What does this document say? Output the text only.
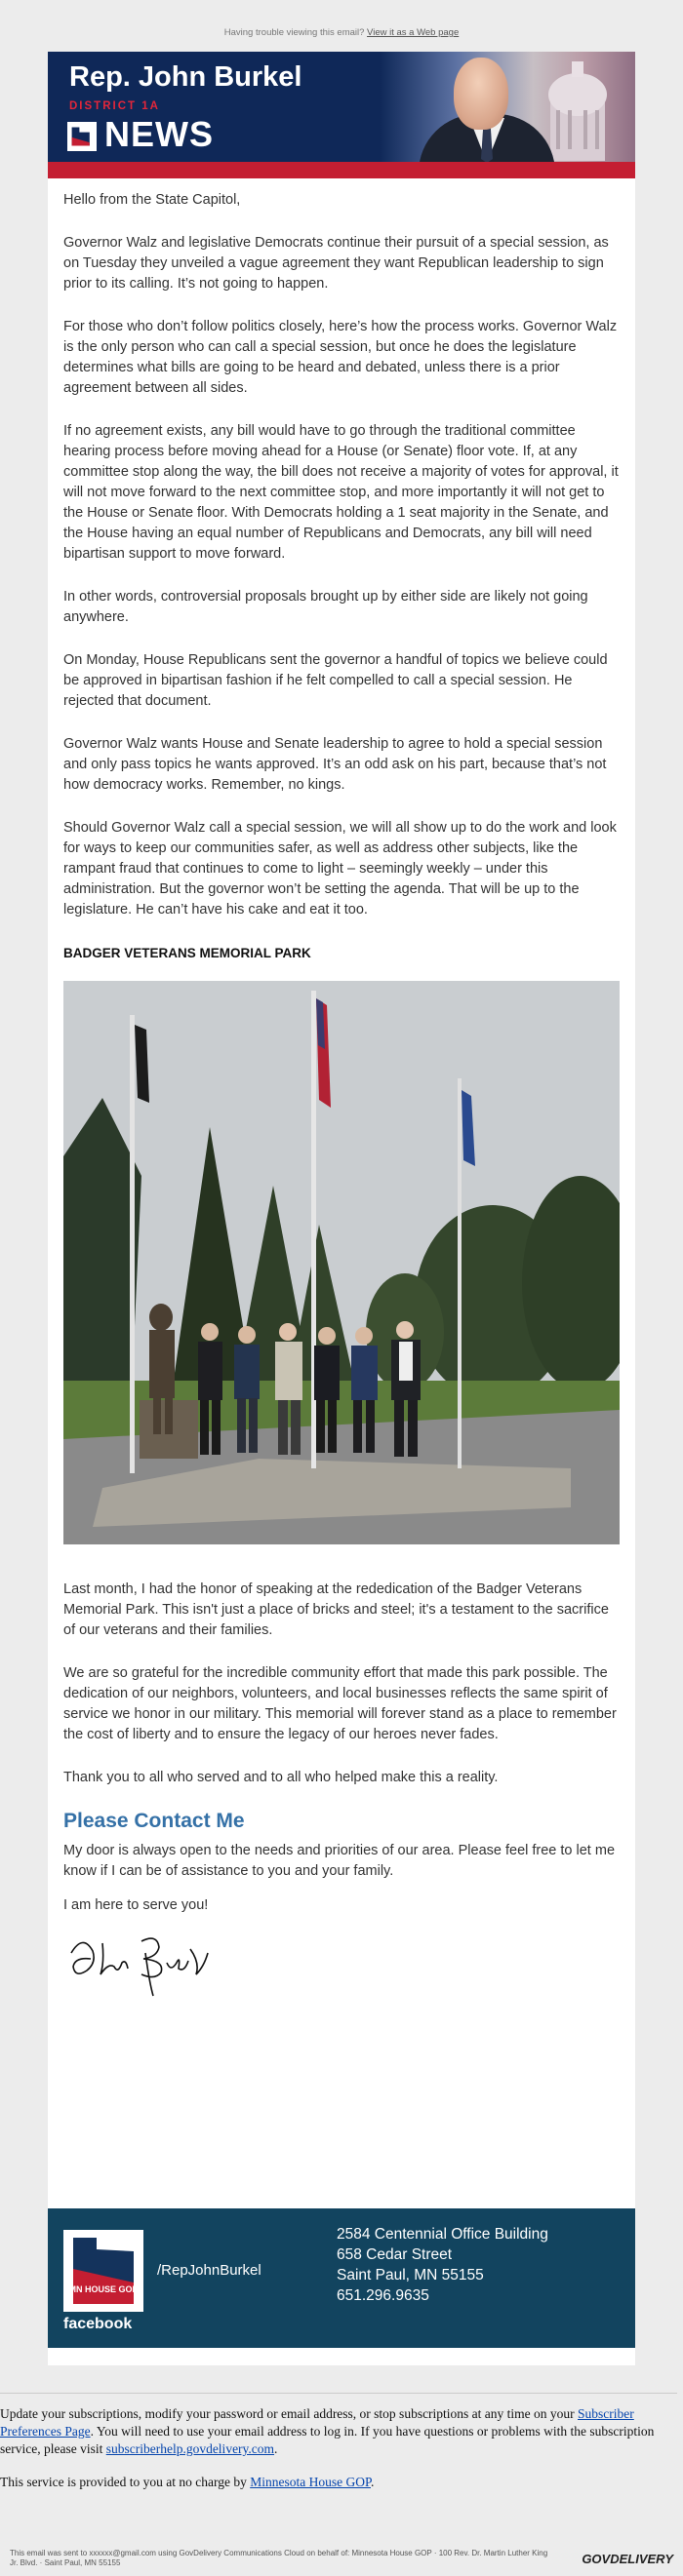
Having trouble viewing this email? View it as a Web page
Rep. John Burkel
DISTRICT 1A
NEWS

Hello from the State Capitol,

Governor Walz and legislative Democrats continue their pursuit of a special session, as on Tuesday they unveiled a vague agreement they want Republican leadership to sign prior to its calling. It’s not going to happen.

For those who don’t follow politics closely, here’s how the process works. Governor Walz is the only person who can call a special session, but once he does the legislature determines what bills are going to be heard and debated, unless there is a prior agreement between all sides.

If no agreement exists, any bill would have to go through the traditional committee hearing process before moving ahead for a House (or Senate) floor vote. If, at any committee stop along the way, the bill does not receive a majority of votes for approval, it will not move forward to the next committee stop, and more importantly it will not get to the House or Senate floor. With Democrats holding a 1 seat majority in the Senate, and the House having an equal number of Republicans and Democrats, any bill will need bipartisan support to move forward.

In other words, controversial proposals brought up by either side are likely not going anywhere.

On Monday, House Republicans sent the governor a handful of topics we believe could be approved in bipartisan fashion if he felt compelled to call a special session. He rejected that document.

Governor Walz wants House and Senate leadership to agree to hold a special session and only pass topics he wants approved. It’s an odd ask on his part, because that’s not how democracy works. Remember, no kings.

Should Governor Walz call a special session, we will all show up to do the work and look for ways to keep our communities safer, as well as address other subjects, like the rampant fraud that continues to come to light – seemingly weekly – under this administration. But the governor won’t be setting the agenda. That will be up to the legislature. He can’t have his cake and eat it too.

BADGER VETERANS MEMORIAL PARK

Last month, I had the honor of speaking at the rededication of the Badger Veterans Memorial Park. This isn't just a place of bricks and steel; it's a testament to the sacrifice of our veterans and their families.

We are so grateful for the incredible community effort that made this park possible. The dedication of our neighbors, volunteers, and local businesses reflects the same spirit of service we honor in our military. This memorial will forever stand as a place to remember the cost of liberty and to ensure the legacy of our heroes never fades.

Thank you to all who served and to all who helped make this a reality.

Please Contact Me

My door is always open to the needs and priorities of our area. Please feel free to let me know if I can be of assistance to you and your family.

I am here to serve you!

MN HOUSE GOP
facebook
/RepJohnBurkel
2584 Centennial Office Building
658 Cedar Street
Saint Paul, MN 55155
651.296.9635

Update your subscriptions, modify your password or email address, or stop subscriptions at any time on your Subscriber Preferences Page. You will need to use your email address to log in. If you have questions or problems with the subscription service, please visit subscriberhelp.govdelivery.com.

This service is provided to you at no charge by Minnesota House GOP.

This email was sent to xxxxxx@gmail.com using GovDelivery Communications Cloud on behalf of: Minnesota House GOP · 100 Rev. Dr. Martin Luther King Jr. Blvd. · Saint Paul, MN 55155	GOVDELIVERY
